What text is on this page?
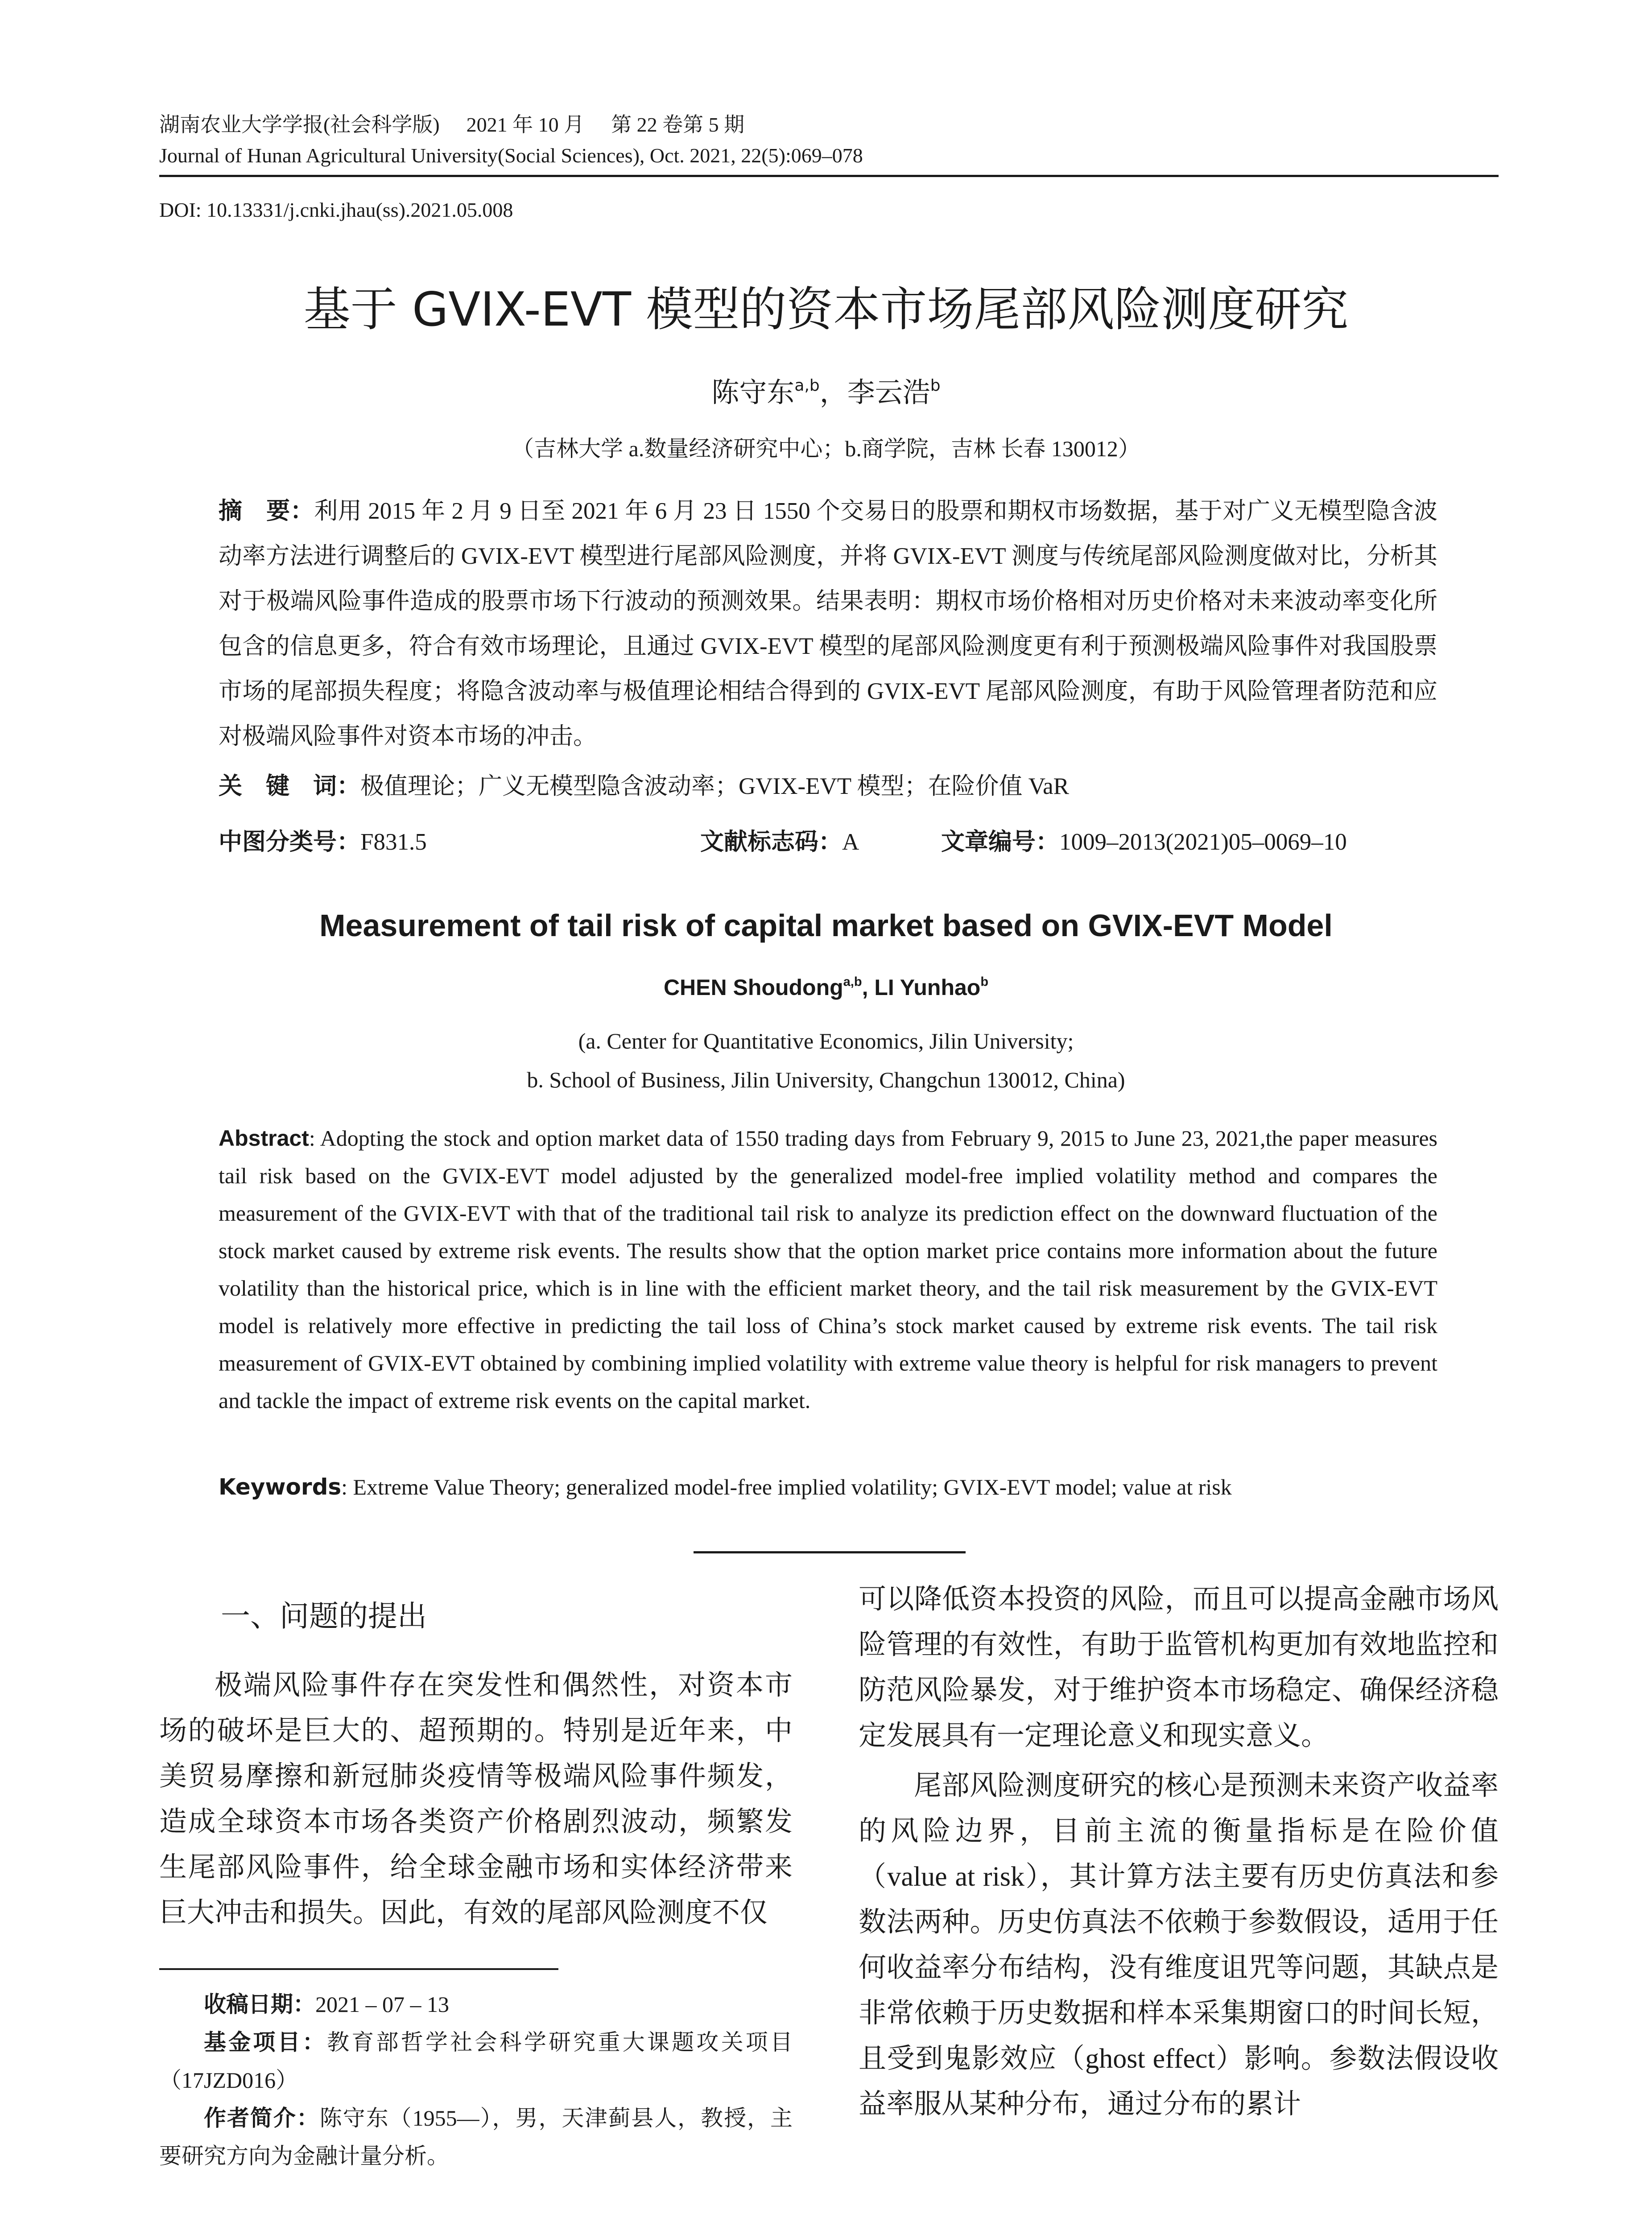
湖南农业大学学报(社会科学版) 2021 年 10 月 第 22 卷第 5 期
Journal of Hunan Agricultural University(Social Sciences), Oct. 2021, 22(5):069–078
DOI: 10.13331/j.cnki.jhau(ss).2021.05.008
基于 GVIX-EVT 模型的资本市场尾部风险测度研究
陈守东$^{a,b}$，李云浩$^b$
（吉林大学 a.数量经济研究中心；b.商学院，吉林 长春 130012）
摘　要：利用 2015 年 2 月 9 日至 2021 年 6 月 23 日 1550 个交易日的股票和期权市场数据，基于对广义无模型隐含波动率方法进行调整后的 GVIX-EVT 模型进行尾部风险测度，并将 GVIX-EVT 测度与传统尾部风险测度做对比，分析其对于极端风险事件造成的股票市场下行波动的预测效果。结果表明：期权市场价格相对历史价格对未来波动率变化所包含的信息更多，符合有效市场理论，且通过 GVIX-EVT 模型的尾部风险测度更有利于预测极端风险事件对我国股票市场的尾部损失程度；将隐含波动率与极值理论相结合得到的 GVIX-EVT 尾部风险测度，有助于风险管理者防范和应对极端风险事件对资本市场的冲击。
关　键　词：极值理论；广义无模型隐含波动率；GVIX-EVT 模型；在险价值 VaR
中图分类号：F831.5	文献标志码：A	文章编号：1009–2013(2021)05–0069–10
Measurement of tail risk of capital market based on GVIX-EVT Model
CHEN Shoudong$^{a,b}$, LI Yunhao$^b$
(a. Center for Quantitative Economics, Jilin University;
b. School of Business, Jilin University, Changchun 130012, China)
Abstract: Adopting the stock and option market data of 1550 trading days from February 9, 2015 to June 23, 2021,the paper measures tail risk based on the GVIX-EVT model adjusted by the generalized model-free implied volatility method and compares the measurement of the GVIX-EVT with that of the traditional tail risk to analyze its prediction effect on the downward fluctuation of the stock market caused by extreme risk events. The results show that the option market price contains more information about the future volatility than the historical price, which is in line with the efficient market theory, and the tail risk measurement by the GVIX-EVT model is relatively more effective in predicting the tail loss of China’s stock market caused by extreme risk events. The tail risk measurement of GVIX-EVT obtained by combining implied volatility with extreme value theory is helpful for risk managers to prevent and tackle the impact of extreme risk events on the capital market.
Keywords: Extreme Value Theory; generalized model-free implied volatility; GVIX-EVT model; value at risk
一、问题的提出

极端风险事件存在突发性和偶然性，对资本市场的破坏是巨大的、超预期的。特别是近年来，中美贸易摩擦和新冠肺炎疫情等极端风险事件频发，造成全球资本市场各类资产价格剧烈波动，频繁发生尾部风险事件，给全球金融市场和实体经济带来巨大冲击和损失。因此，有效的尾部风险测度不仅

可以降低资本投资的风险，而且可以提高金融市场风险管理的有效性，有助于监管机构更加有效地监控和防范风险暴发，对于维护资本市场稳定、确保经济稳定发展具有一定理论意义和现实意义。

尾部风险测度研究的核心是预测未来资产收益率的风险边界，目前主流的衡量指标是在险价值（value at risk），其计算方法主要有历史仿真法和参数法两种。历史仿真法不依赖于参数假设，适用于任何收益率分布结构，没有维度诅咒等问题，其缺点是非常依赖于历史数据和样本采集期窗口的时间长短，且受到鬼影效应（ghost effect）影响。参数法假设收益率服从某种分布，通过分布的累计

收稿日期：2021 – 07 – 13
基金项目：教育部哲学社会科学研究重大课题攻关项目（17JZD016）
作者简介：陈守东（1955—），男，天津蓟县人，教授，主要研究方向为金融计量分析。
